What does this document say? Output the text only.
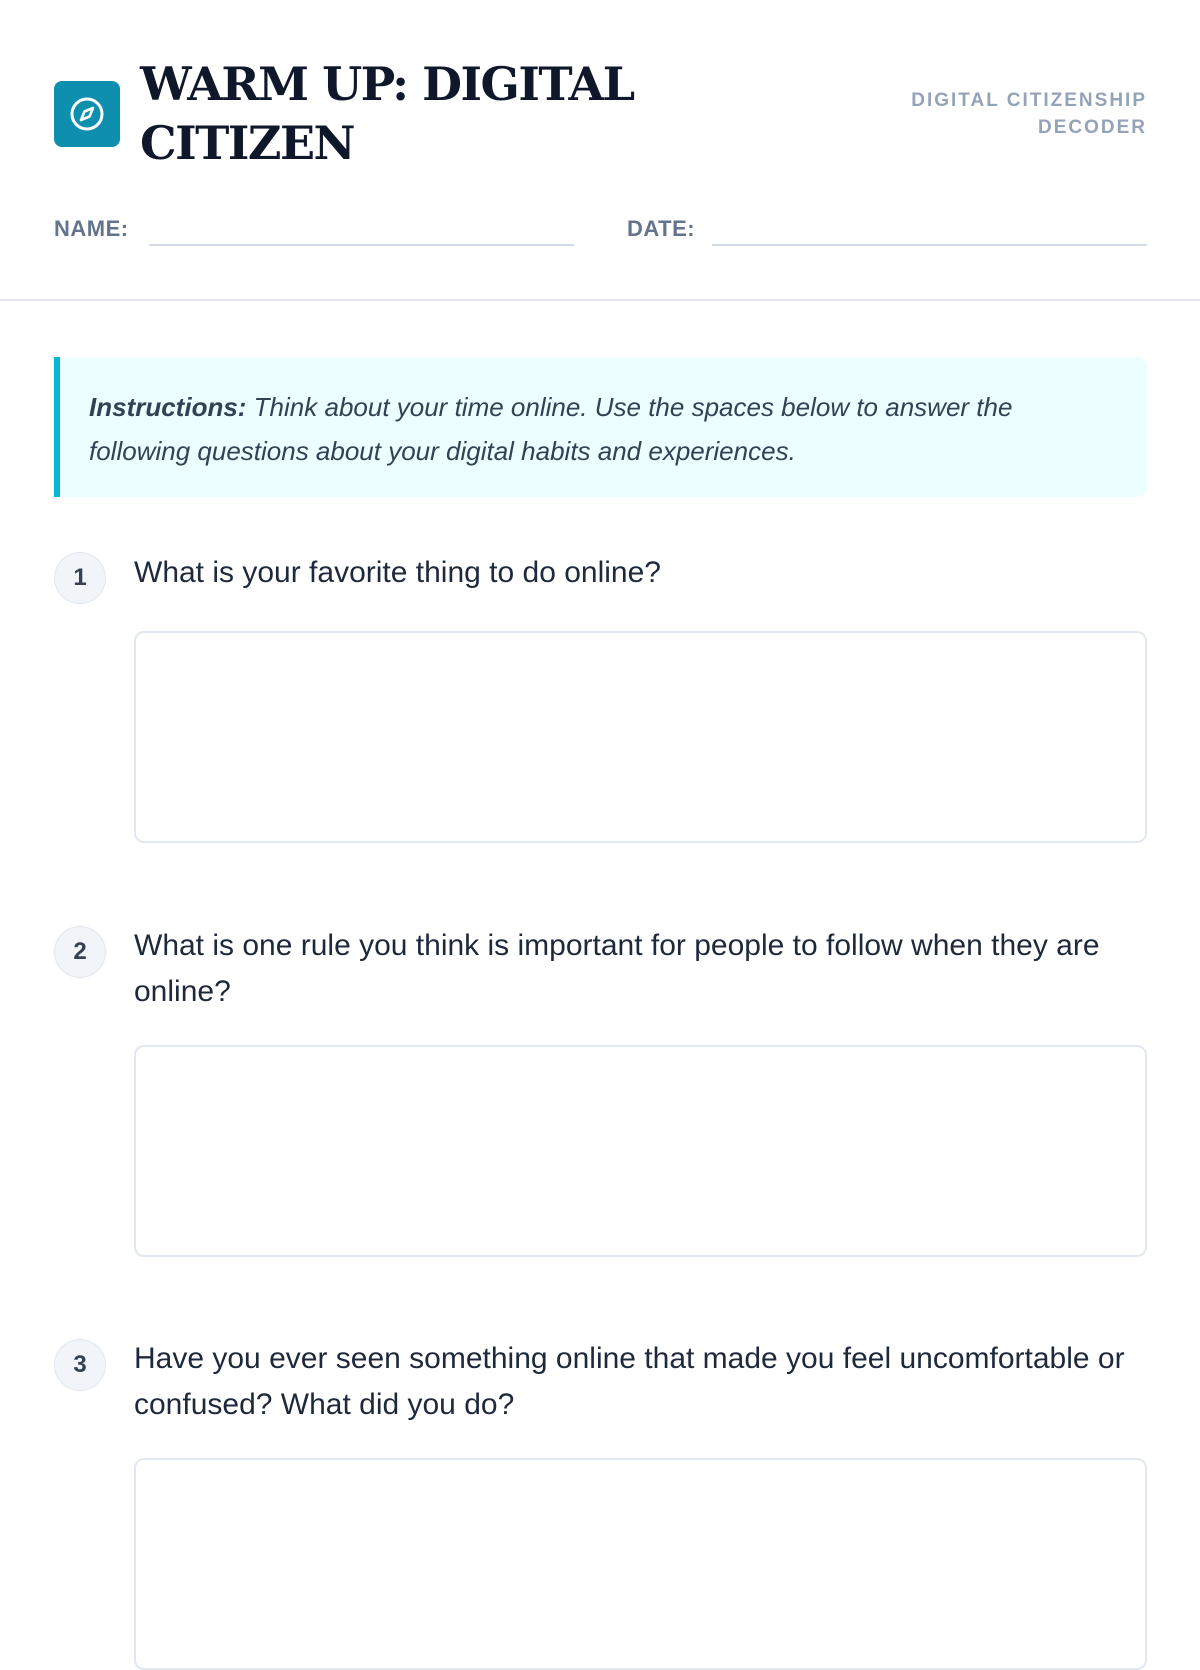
WARM UP: DIGITAL CITIZEN
DIGITAL CITIZENSHIP DECODER
NAME:	DATE:
Instructions: Think about your time online. Use the spaces below to answer the following questions about your digital habits and experiences.
1	What is your favorite thing to do online?

2	What is one rule you think is important for people to follow when they are online?

3	Have you ever seen something online that made you feel uncomfortable or confused? What did you do?
